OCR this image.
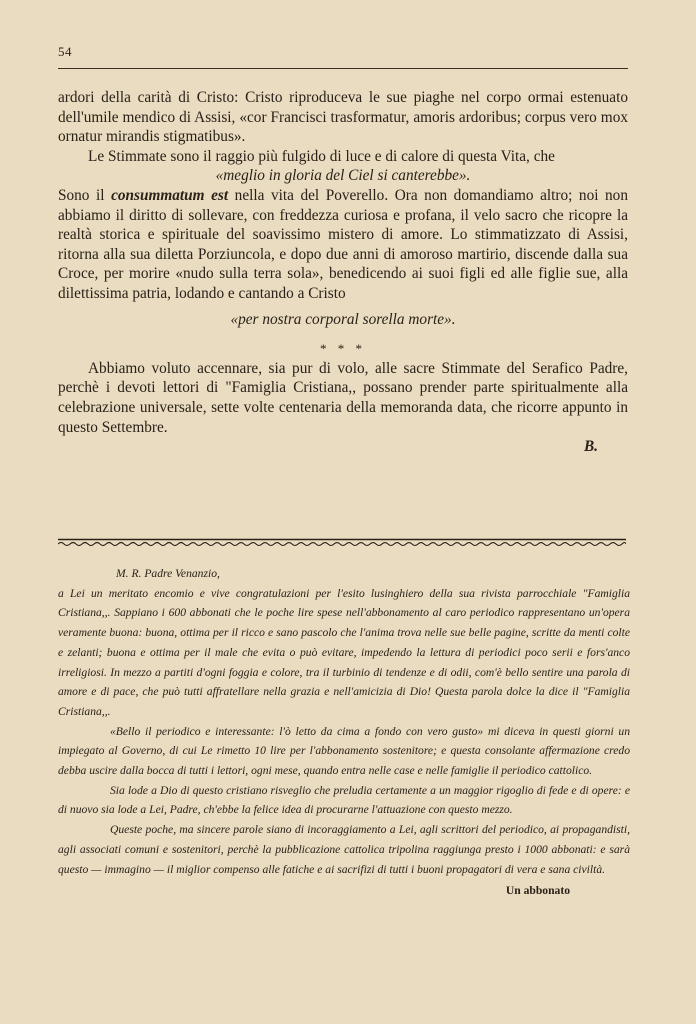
54

ardori della carità di Cristo: Cristo riproduceva le sue piaghe nel corpo ormai estenuato dell'umile mendico di Assisi, «cor Francisci trasformatur, amoris ardoribus; corpus vero mox ornatur mirandis stigmatibus».

Le Stimmate sono il raggio più fulgido di luce e di calore di questa Vita, che

«meglio in gloria del Ciel si canterebbe».

Sono il consummatum est nella vita del Poverello. Ora non domandiamo altro; noi non abbiamo il diritto di sollevare, con freddezza curiosa e profana, il velo sacro che ricopre la realtà storica e spirituale del soavissimo mistero di amore. Lo stimmatizzato di Assisi, ritorna alla sua diletta Porziuncola, e dopo due anni di amoroso martirio, discende dalla sua Croce, per morire «nudo sulla terra sola», benedicendo ai suoi figli ed alle figlie sue, alla dilettissima patria, lodando e cantando a Cristo

«per nostra corporal sorella morte».

* * *

Abbiamo voluto accennare, sia pur di volo, alle sacre Stimmate del Serafico Padre, perchè i devoti lettori di "Famiglia Cristiana,, possano prender parte spiritualmente alla celebrazione universale, sette volte centenaria della memoranda data, che ricorre appunto in questo Settembre.

B.

M. R. Padre Venanzio,

a Lei un meritato encomio e vive congratulazioni per l'esito lusinghiero della sua rivista parrocchiale "Famiglia Cristiana,,. Sappiano i 600 abbonati che le poche lire spese nell'abbonamento al caro periodico rappresentano un'opera veramente buona: buona, ottima per il ricco e sano pascolo che l'anima trova nelle sue belle pagine, scritte da menti colte e zelanti; buona e ottima per il male che evita o può evitare, impedendo la lettura di periodici poco serii e fors'anco irreligiosi. In mezzo a partiti d'ogni foggia e colore, tra il turbinio di tendenze e di odii, com'è bello sentire una parola di amore e di pace, che può tutti affratellare nella grazia e nell'amicizia di Dio! Questa parola dolce la dice il "Famiglia Cristiana,,.

«Bello il periodico e interessante: l'ò letto da cima a fondo con vero gusto» mi diceva in questi giorni un impiegato al Governo, di cui Le rimetto 10 lire per l'abbonamento sostenitore; e questa consolante affermazione credo debba uscire dalla bocca di tutti i lettori, ogni mese, quando entra nelle case e nelle famiglie il periodico cattolico.

Sia lode a Dio di questo cristiano risveglio che preludia certamente a un maggior rigoglio di fede e di opere: e di nuovo sia lode a Lei, Padre, ch'ebbe la felice idea di procurarne l'attuazione con questo mezzo.

Queste poche, ma sincere parole siano di incoraggiamento a Lei, agli scrittori del periodico, ai propagandisti, agli associati comuni e sostenitori, perchè la pubblicazione cattolica tripolina raggiunga presto i 1000 abbonati: e sarà questo — immagino — il miglior compenso alle fatiche e ai sacrifizi di tutti i buoni propagatori di vera e sana civiltà.

Un abbonato
